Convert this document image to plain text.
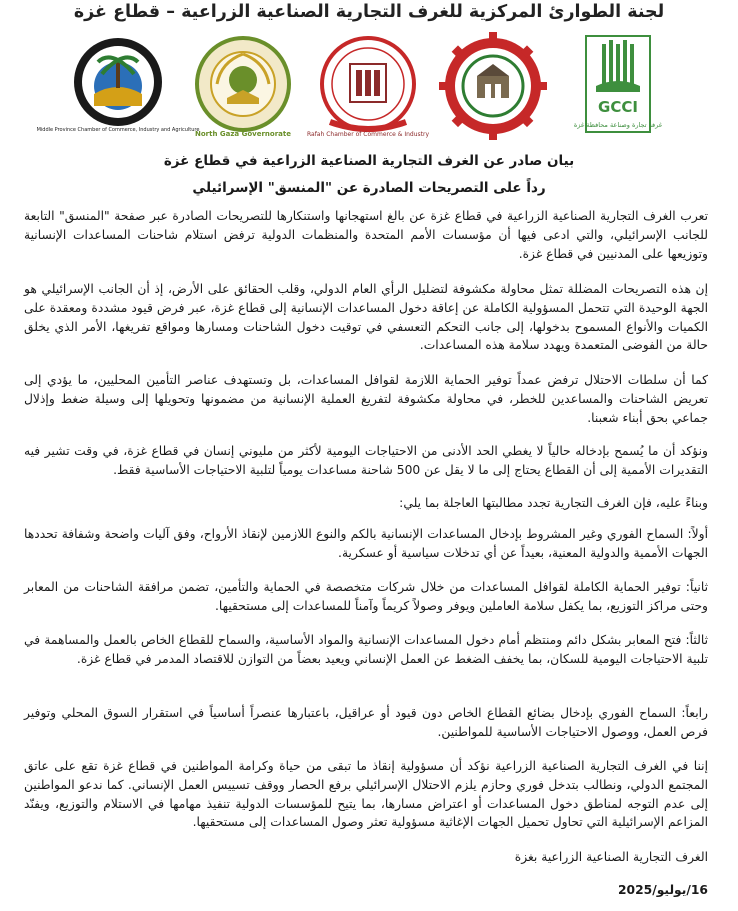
لجنة الطوارئ المركزية للغرف التجارية الصناعية الزراعية – قطاع غزة
GCCI
غرفة تجارة وصناعة محافظة غزة
Rafah Chamber of Commerce & Industry
North Gaza Governorate
Middle Province Chamber of Commerce, Industry and Agriculture
بيان صادر عن الغرف التجارية الصناعية الزراعية في قطاع غزة
رداً على التصريحات الصادرة عن "المنسق" الإسرائيلي

تعرب الغرف التجارية الصناعية الزراعية في قطاع غزة عن بالغ استهجانها واستنكارها للتصريحات الصادرة عبر صفحة "المنسق" التابعة للجانب الإسرائيلي، والتي ادعى فيها أن مؤسسات الأمم المتحدة والمنظمات الدولية ترفض استلام شاحنات المساعدات الإنسانية وتوزيعها على المدنيين في قطاع غزة.

إن هذه التصريحات المضللة تمثل محاولة مكشوفة لتضليل الرأي العام الدولي، وقلب الحقائق على الأرض، إذ أن الجانب الإسرائيلي هو الجهة الوحيدة التي تتحمل المسؤولية الكاملة عن إعاقة دخول المساعدات الإنسانية إلى قطاع غزة، عبر فرض قيود مشددة ومعقدة على الكميات والأنواع المسموح بدخولها، إلى جانب التحكم التعسفي في توقيت دخول الشاحنات ومسارها ومواقع تفريغها، الأمر الذي يخلق حالة من الفوضى المتعمدة ويهدد سلامة هذه المساعدات.

كما أن سلطات الاحتلال ترفض عمداً توفير الحماية اللازمة لقوافل المساعدات، بل وتستهدف عناصر التأمين المحليين، ما يؤدي إلى تعريض الشاحنات والمساعدين للخطر، في محاولة مكشوفة لتفريغ العملية الإنسانية من مضمونها وتحويلها إلى وسيلة ضغط وإذلال جماعي بحق أبناء شعبنا.

ونؤكد أن ما يُسمح بإدخاله حالياً لا يغطي الحد الأدنى من الاحتياجات اليومية لأكثر من مليوني إنسان في قطاع غزة، في وقت تشير فيه التقديرات الأممية إلى أن القطاع يحتاج إلى ما لا يقل عن 500 شاحنة مساعدات يومياً لتلبية الاحتياجات الأساسية فقط.

وبناءً عليه، فإن الغرف التجارية تجدد مطالبتها العاجلة بما يلي:

أولاً: السماح الفوري وغير المشروط بإدخال المساعدات الإنسانية بالكم والنوع اللازمين لإنقاذ الأرواح، وفق آليات واضحة وشفافة تحددها الجهات الأممية والدولية المعنية، بعيداً عن أي تدخلات سياسية أو عسكرية.

ثانياً: توفير الحماية الكاملة لقوافل المساعدات من خلال شركات متخصصة في الحماية والتأمين، تضمن مرافقة الشاحنات من المعابر وحتى مراكز التوزيع، بما يكفل سلامة العاملين ويوفر وصولاً كريماً وآمناً للمساعدات إلى مستحقيها.

ثالثاً: فتح المعابر بشكل دائم ومنتظم أمام دخول المساعدات الإنسانية والمواد الأساسية، والسماح للقطاع الخاص بالعمل والمساهمة في تلبية الاحتياجات اليومية للسكان، بما يخفف الضغط عن العمل الإنساني ويعيد بعضاً من التوازن للاقتصاد المدمر في قطاع غزة.

رابعاً: السماح الفوري بإدخال بضائع القطاع الخاص دون قيود أو عراقيل، باعتبارها عنصراً أساسياً في استقرار السوق المحلي وتوفير فرص العمل، ووصول الاحتياجات الأساسية للمواطنين.

إننا في الغرف التجارية الصناعية الزراعية نؤكد أن مسؤولية إنقاذ ما تبقى من حياة وكرامة المواطنين في قطاع غزة تقع على عاتق المجتمع الدولي، ونطالب بتدخل فوري وحازم يلزم الاحتلال الإسرائيلي برفع الحصار ووقف تسييس العمل الإنساني. كما ندعو المواطنين إلى عدم التوجه لمناطق دخول المساعدات أو اعتراض مسارها، بما يتيح للمؤسسات الدولية تنفيذ مهامها في الاستلام والتوزيع، ويفنّد المزاعم الإسرائيلية التي تحاول تحميل الجهات الإغاثية مسؤولية تعثر وصول المساعدات إلى مستحقيها.

الغرف التجارية الصناعية الزراعية بغزة
16/يوليو/2025
